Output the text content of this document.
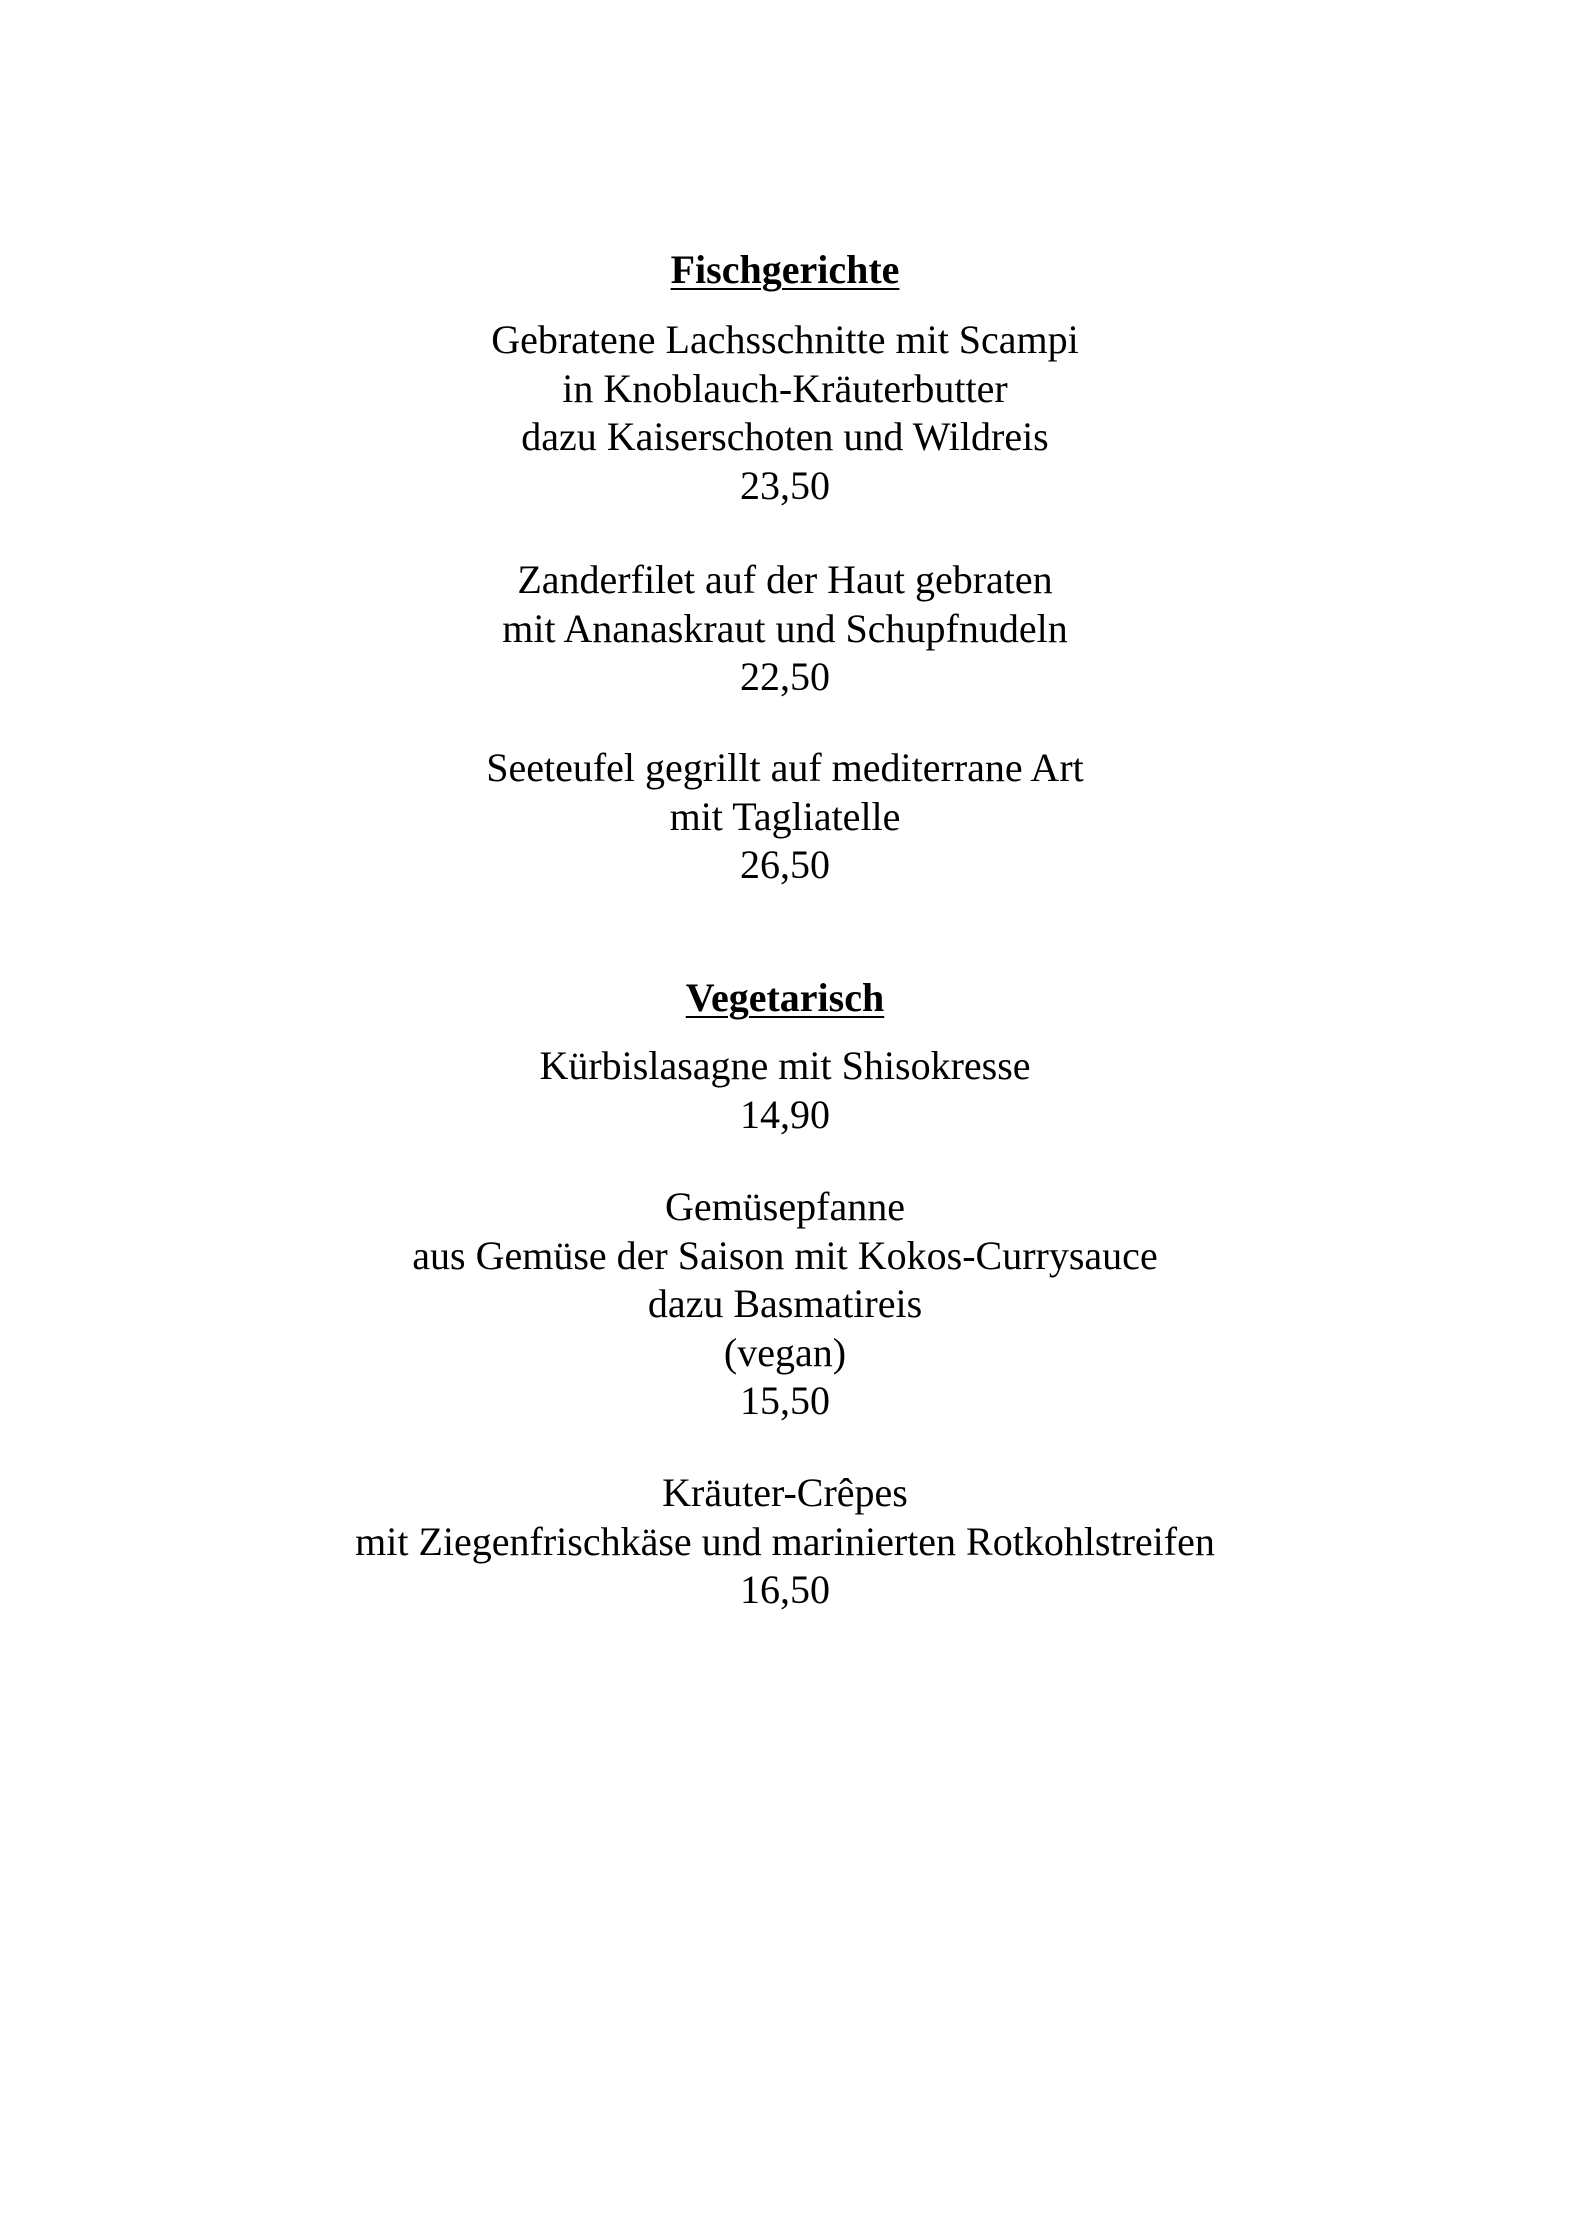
Fischgerichte
Gebratene Lachsschnitte mit Scampi
in Knoblauch-Kräuterbutter
dazu Kaiserschoten und Wildreis
23,50
Zanderfilet auf der Haut gebraten
mit Ananaskraut und Schupfnudeln
22,50
Seeteufel gegrillt auf mediterrane Art
mit Tagliatelle
26,50
Vegetarisch
Kürbislasagne mit Shisokresse
14,90
Gemüsepfanne
aus Gemüse der Saison mit Kokos-Currysauce
dazu Basmatireis
(vegan)
15,50
Kräuter-Crêpes
mit Ziegenfrischkäse und marinierten Rotkohlstreifen
16,50
